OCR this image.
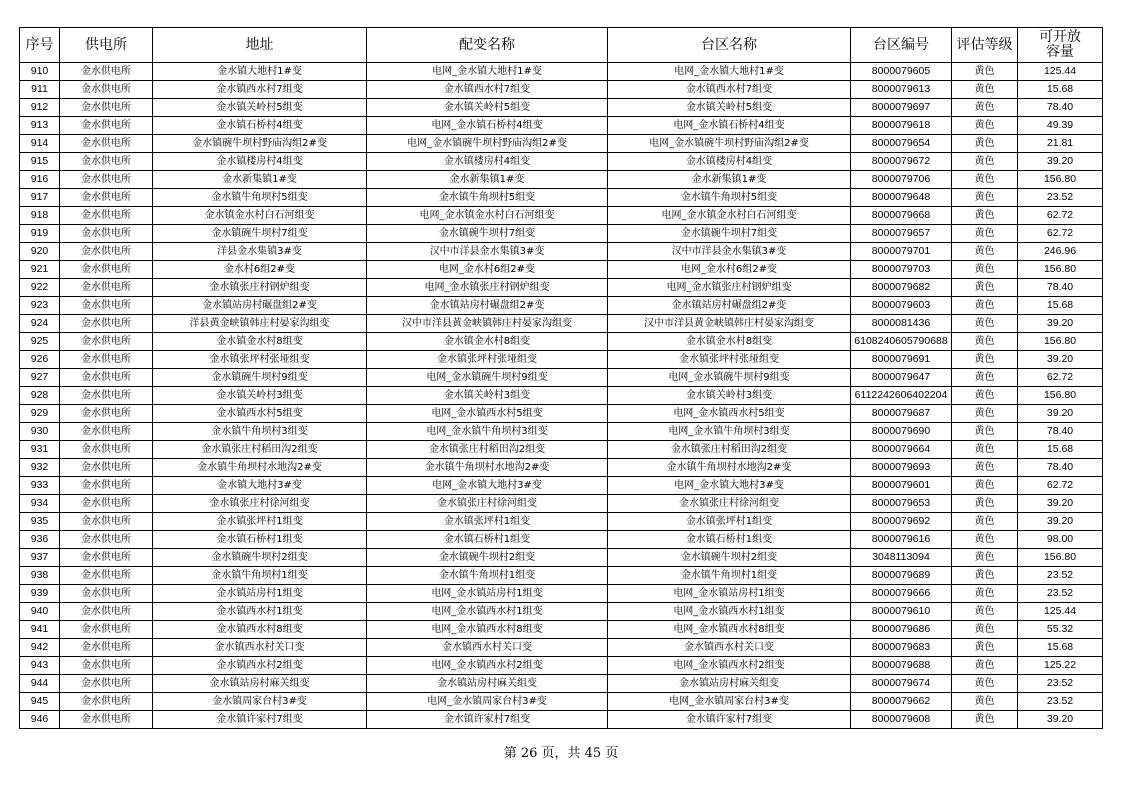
序号	供电所	地址	配变名称	台区名称	台区编号	评估等级	可开放容量
910	金水供电所	金水镇大地村1#变	电网_金水镇大地村1#变	电网_金水镇大地村1#变	8000079605	黄色	125.44
911	金水供电所	金水镇西水村7组变	金水镇西水村7组变	金水镇西水村7组变	8000079613	黄色	15.68
912	金水供电所	金水镇关岭村5组变	金水镇关岭村5组变	金水镇关岭村5组变	8000079697	黄色	78.40
913	金水供电所	金水镇石桥村4组变	电网_金水镇石桥村4组变	电网_金水镇石桥村4组变	8000079618	黄色	49.39
914	金水供电所	金水镇碗牛坝村野庙沟组2#变	电网_金水镇碗牛坝村野庙沟组2#变	电网_金水镇碗牛坝村野庙沟组2#变	8000079654	黄色	21.81
915	金水供电所	金水镇楼房村4组变	金水镇楼房村4组变	金水镇楼房村4组变	8000079672	黄色	39.20
916	金水供电所	金水新集镇1#变	金水新集镇1#变	金水新集镇1#变	8000079706	黄色	156.80
917	金水供电所	金水镇牛角坝村5组变	金水镇牛角坝村5组变	金水镇牛角坝村5组变	8000079648	黄色	23.52
918	金水供电所	金水镇金水村白石河组变	电网_金水镇金水村白石河组变	电网_金水镇金水村白石河组变	8000079668	黄色	62.72
919	金水供电所	金水镇碗牛坝村7组变	金水镇碗牛坝村7组变	金水镇碗牛坝村7组变	8000079657	黄色	62.72
920	金水供电所	洋县金水集镇3#变	汉中市洋县金水集镇3#变	汉中市洋县金水集镇3#变	8000079701	黄色	246.96
921	金水供电所	金水村6组2#变	电网_金水村6组2#变	电网_金水村6组2#变	8000079703	黄色	156.80
922	金水供电所	金水镇张庄村钢炉组变	电网_金水镇张庄村钢炉组变	电网_金水镇张庄村钢炉组变	8000079682	黄色	78.40
923	金水供电所	金水镇站房村碾盘组2#变	金水镇站房村碾盘组2#变	金水镇站房村碾盘组2#变	8000079603	黄色	15.68
924	金水供电所	洋县黄金峡镇韩庄村晏家沟组变	汉中市洋县黄金峡镇韩庄村晏家沟组变	汉中市洋县黄金峡镇韩庄村晏家沟组变	8000081436	黄色	39.20
925	金水供电所	金水镇金水村8组变	金水镇金水村8组变	金水镇金水村8组变	6108240605790688	黄色	156.80
926	金水供电所	金水镇张坪村张垭组变	金水镇张坪村张垭组变	金水镇张坪村张垭组变	8000079691	黄色	39.20
927	金水供电所	金水镇碗牛坝村9组变	电网_金水镇碗牛坝村9组变	电网_金水镇碗牛坝村9组变	8000079647	黄色	62.72
928	金水供电所	金水镇关岭村3组变	金水镇关岭村3组变	金水镇关岭村3组变	6112242606402204	黄色	156.80
929	金水供电所	金水镇西水村5组变	电网_金水镇西水村5组变	电网_金水镇西水村5组变	8000079687	黄色	39.20
930	金水供电所	金水镇牛角坝村3组变	电网_金水镇牛角坝村3组变	电网_金水镇牛角坝村3组变	8000079690	黄色	78.40
931	金水供电所	金水镇张庄村稻田沟2组变	金水镇张庄村稻田沟2组变	金水镇张庄村稻田沟2组变	8000079664	黄色	15.68
932	金水供电所	金水镇牛角坝村水地沟2#变	金水镇牛角坝村水地沟2#变	金水镇牛角坝村水地沟2#变	8000079693	黄色	78.40
933	金水供电所	金水镇大地村3#变	电网_金水镇大地村3#变	电网_金水镇大地村3#变	8000079601	黄色	62.72
934	金水供电所	金水镇张庄村徐河组变	金水镇张庄村徐河组变	金水镇张庄村徐河组变	8000079653	黄色	39.20
935	金水供电所	金水镇张坪村1组变	金水镇张坪村1组变	金水镇张坪村1组变	8000079692	黄色	39.20
936	金水供电所	金水镇石桥村1组变	金水镇石桥村1组变	金水镇石桥村1组变	8000079616	黄色	98.00
937	金水供电所	金水镇碗牛坝村2组变	金水镇碗牛坝村2组变	金水镇碗牛坝村2组变	3048113094	黄色	156.80
938	金水供电所	金水镇牛角坝村1组变	金水镇牛角坝村1组变	金水镇牛角坝村1组变	8000079689	黄色	23.52
939	金水供电所	金水镇站房村1组变	电网_金水镇站房村1组变	电网_金水镇站房村1组变	8000079666	黄色	23.52
940	金水供电所	金水镇西水村1组变	电网_金水镇西水村1组变	电网_金水镇西水村1组变	8000079610	黄色	125.44
941	金水供电所	金水镇西水村8组变	电网_金水镇西水村8组变	电网_金水镇西水村8组变	8000079686	黄色	55.32
942	金水供电所	金水镇西水村关口变	金水镇西水村关口变	金水镇西水村关口变	8000079683	黄色	15.68
943	金水供电所	金水镇西水村2组变	电网_金水镇西水村2组变	电网_金水镇西水村2组变	8000079688	黄色	125.22
944	金水供电所	金水镇站房村麻关组变	金水镇站房村麻关组变	金水镇站房村麻关组变	8000079674	黄色	23.52
945	金水供电所	金水镇周家台村3#变	电网_金水镇周家台村3#变	电网_金水镇周家台村3#变	8000079662	黄色	23.52
946	金水供电所	金水镇许家村7组变	金水镇许家村7组变	金水镇许家村7组变	8000079608	黄色	39.20
第 26 页，共 45 页
